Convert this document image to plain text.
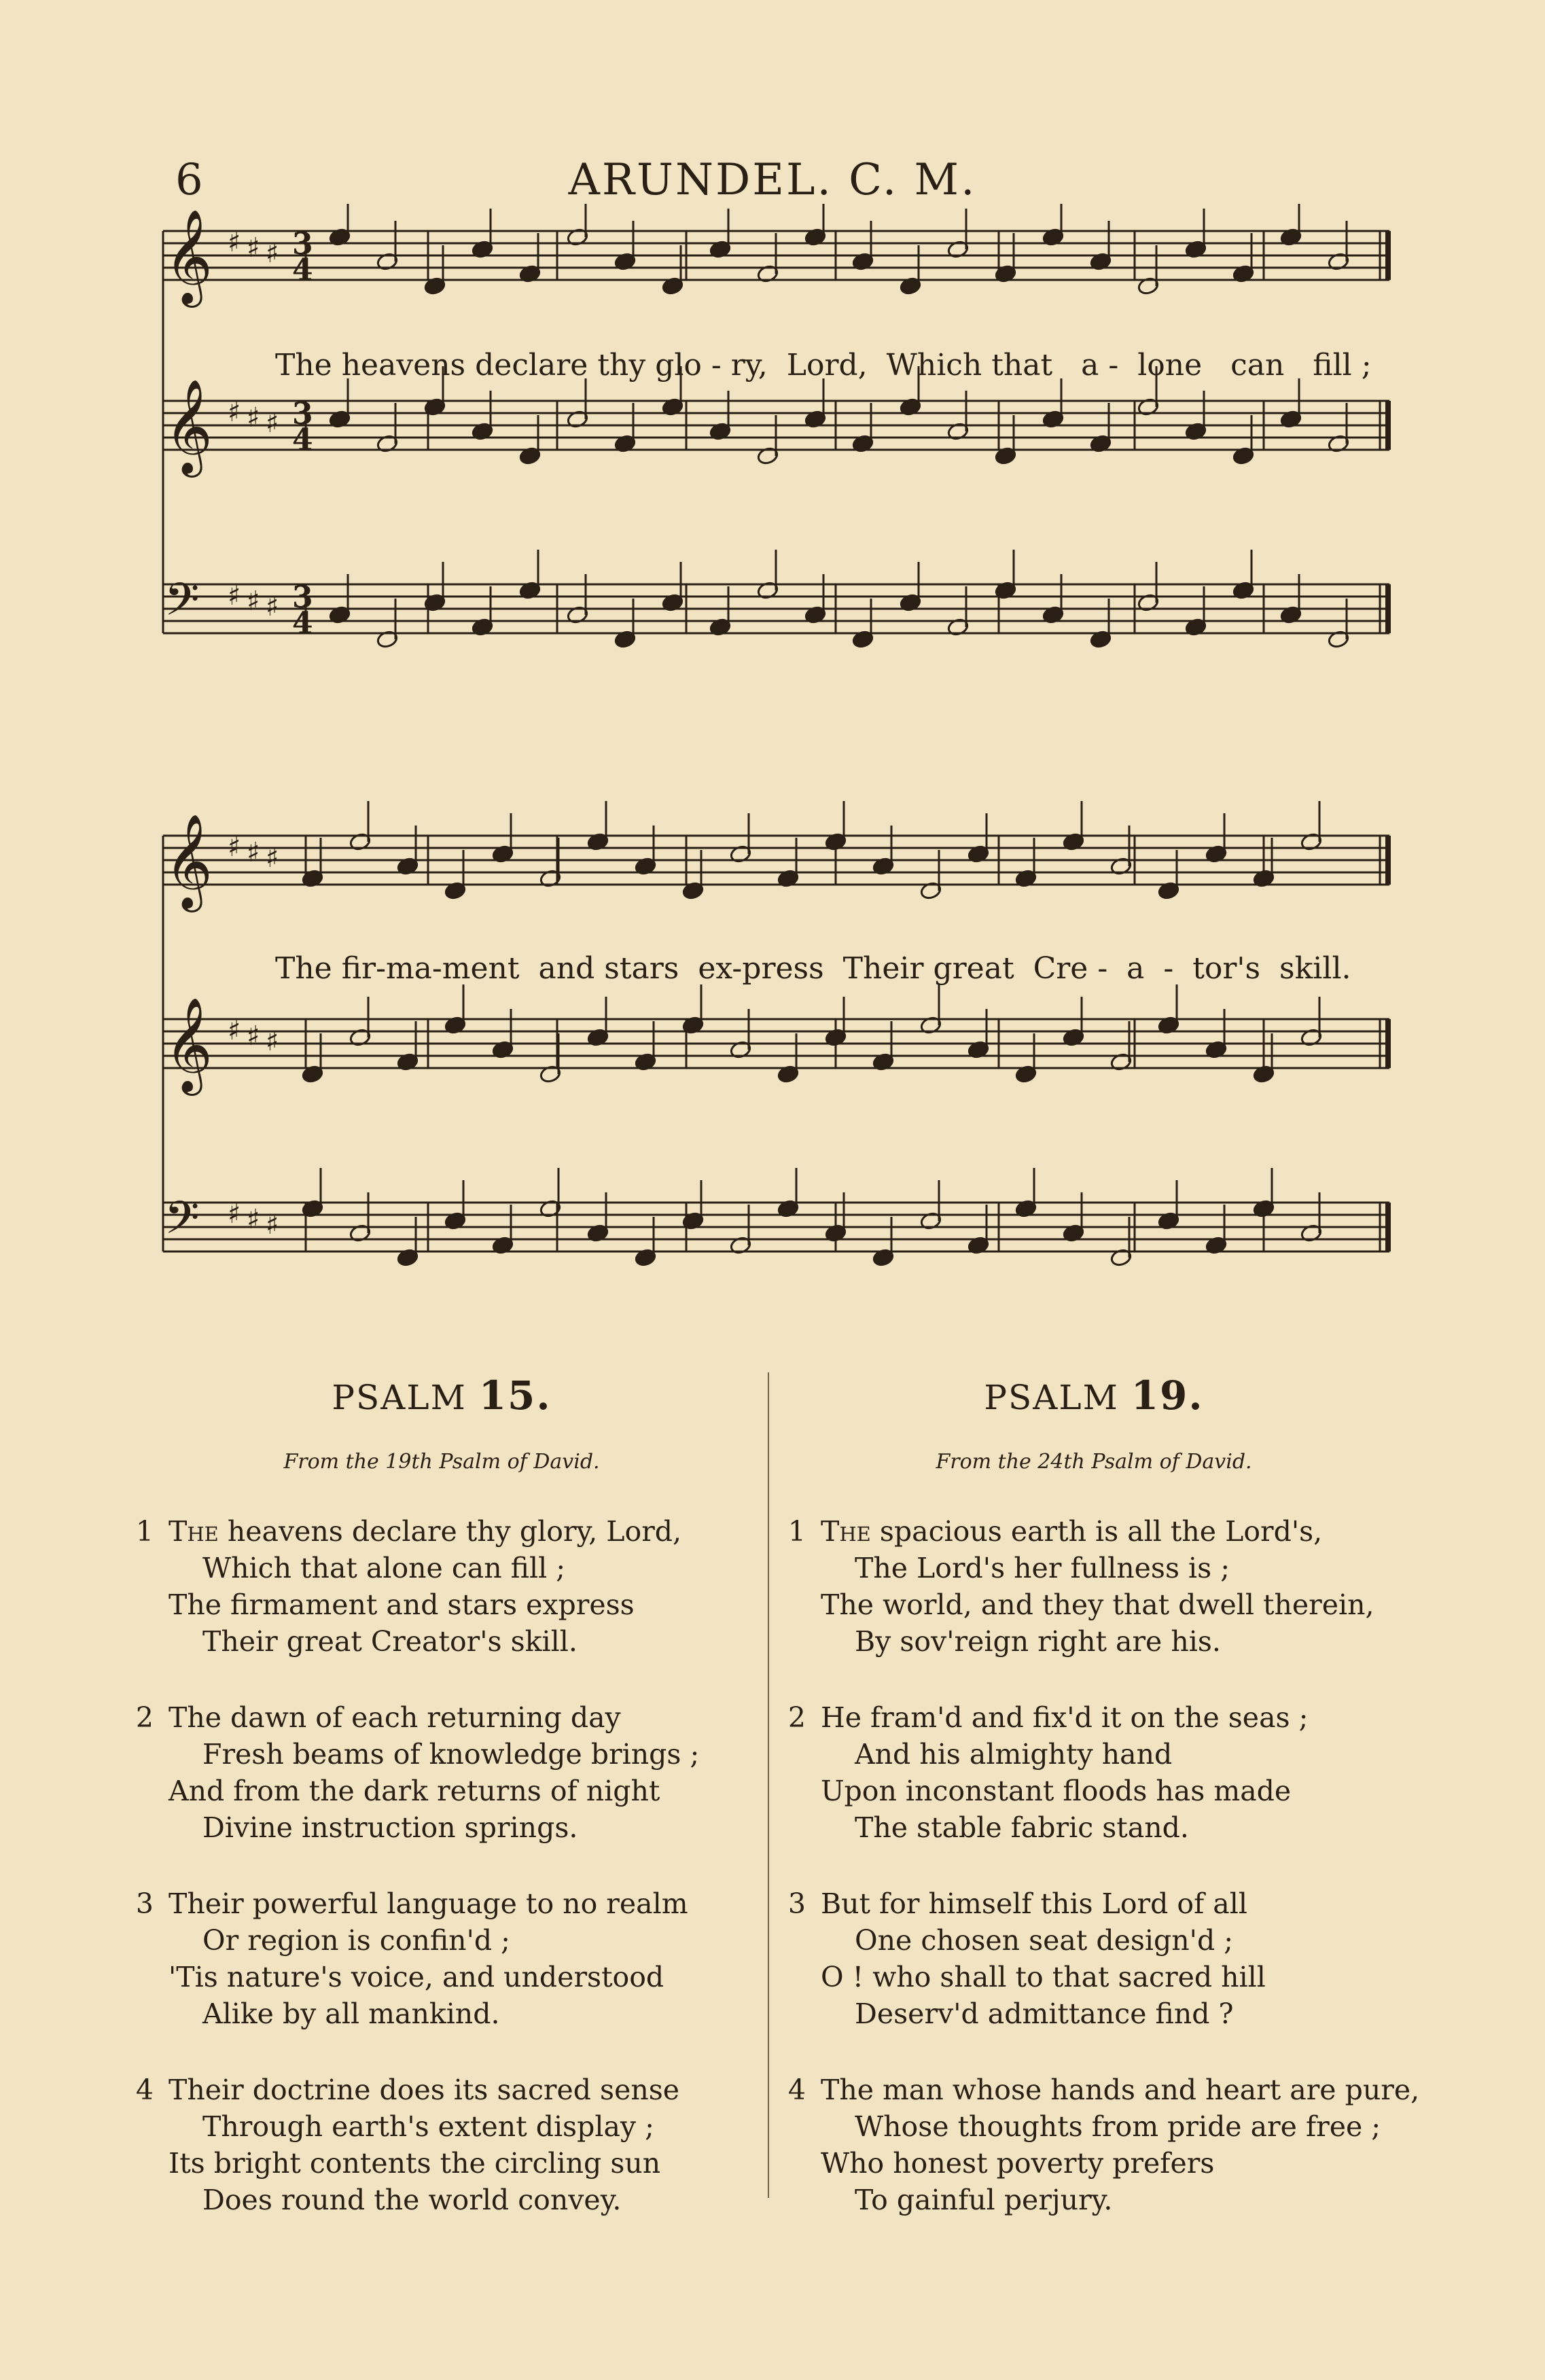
6	ARUNDEL. C. M.
𝄞	3
4
♯ ♯ ♯
𝄞	3
4
♯ ♯ ♯
𝄢	3
4
♯ ♯ ♯
𝄞 ♯ ♯ ♯
𝄞 ♯ ♯ ♯
𝄢 ♯ ♯ ♯
The heavens declare thy glo - ry,  Lord,  Which that   a -  lone   can   fill ;
The fir-ma-ment  and stars  ex-press  Their great  Cre -  a  -  tor's  skill.
PSALM 15.
From the 19th Psalm of David.
1 The heavens declare thy glory, Lord,
Which that alone can fill ;
The firmament and stars express
Their great Creator's skill.
2 The dawn of each returning day
Fresh beams of knowledge brings ;
And from the dark returns of night
Divine instruction springs.
3 Their powerful language to no realm
Or region is confin'd ;
'Tis nature's voice, and understood
Alike by all mankind.
4 Their doctrine does its sacred sense
Through earth's extent display ;
Its bright contents the circling sun
Does round the world convey.
PSALM 19.
From the 24th Psalm of David.
1 The spacious earth is all the Lord's,
The Lord's her fullness is ;
The world, and they that dwell therein,
By sov'reign right are his.
2 He fram'd and fix'd it on the seas ;
And his almighty hand
Upon inconstant floods has made
The stable fabric stand.
3 But for himself this Lord of all
One chosen seat design'd ;
O ! who shall to that sacred hill
Deserv'd admittance find ?
4 The man whose hands and heart are pure,
Whose thoughts from pride are free ;
Who honest poverty prefers
To gainful perjury.
